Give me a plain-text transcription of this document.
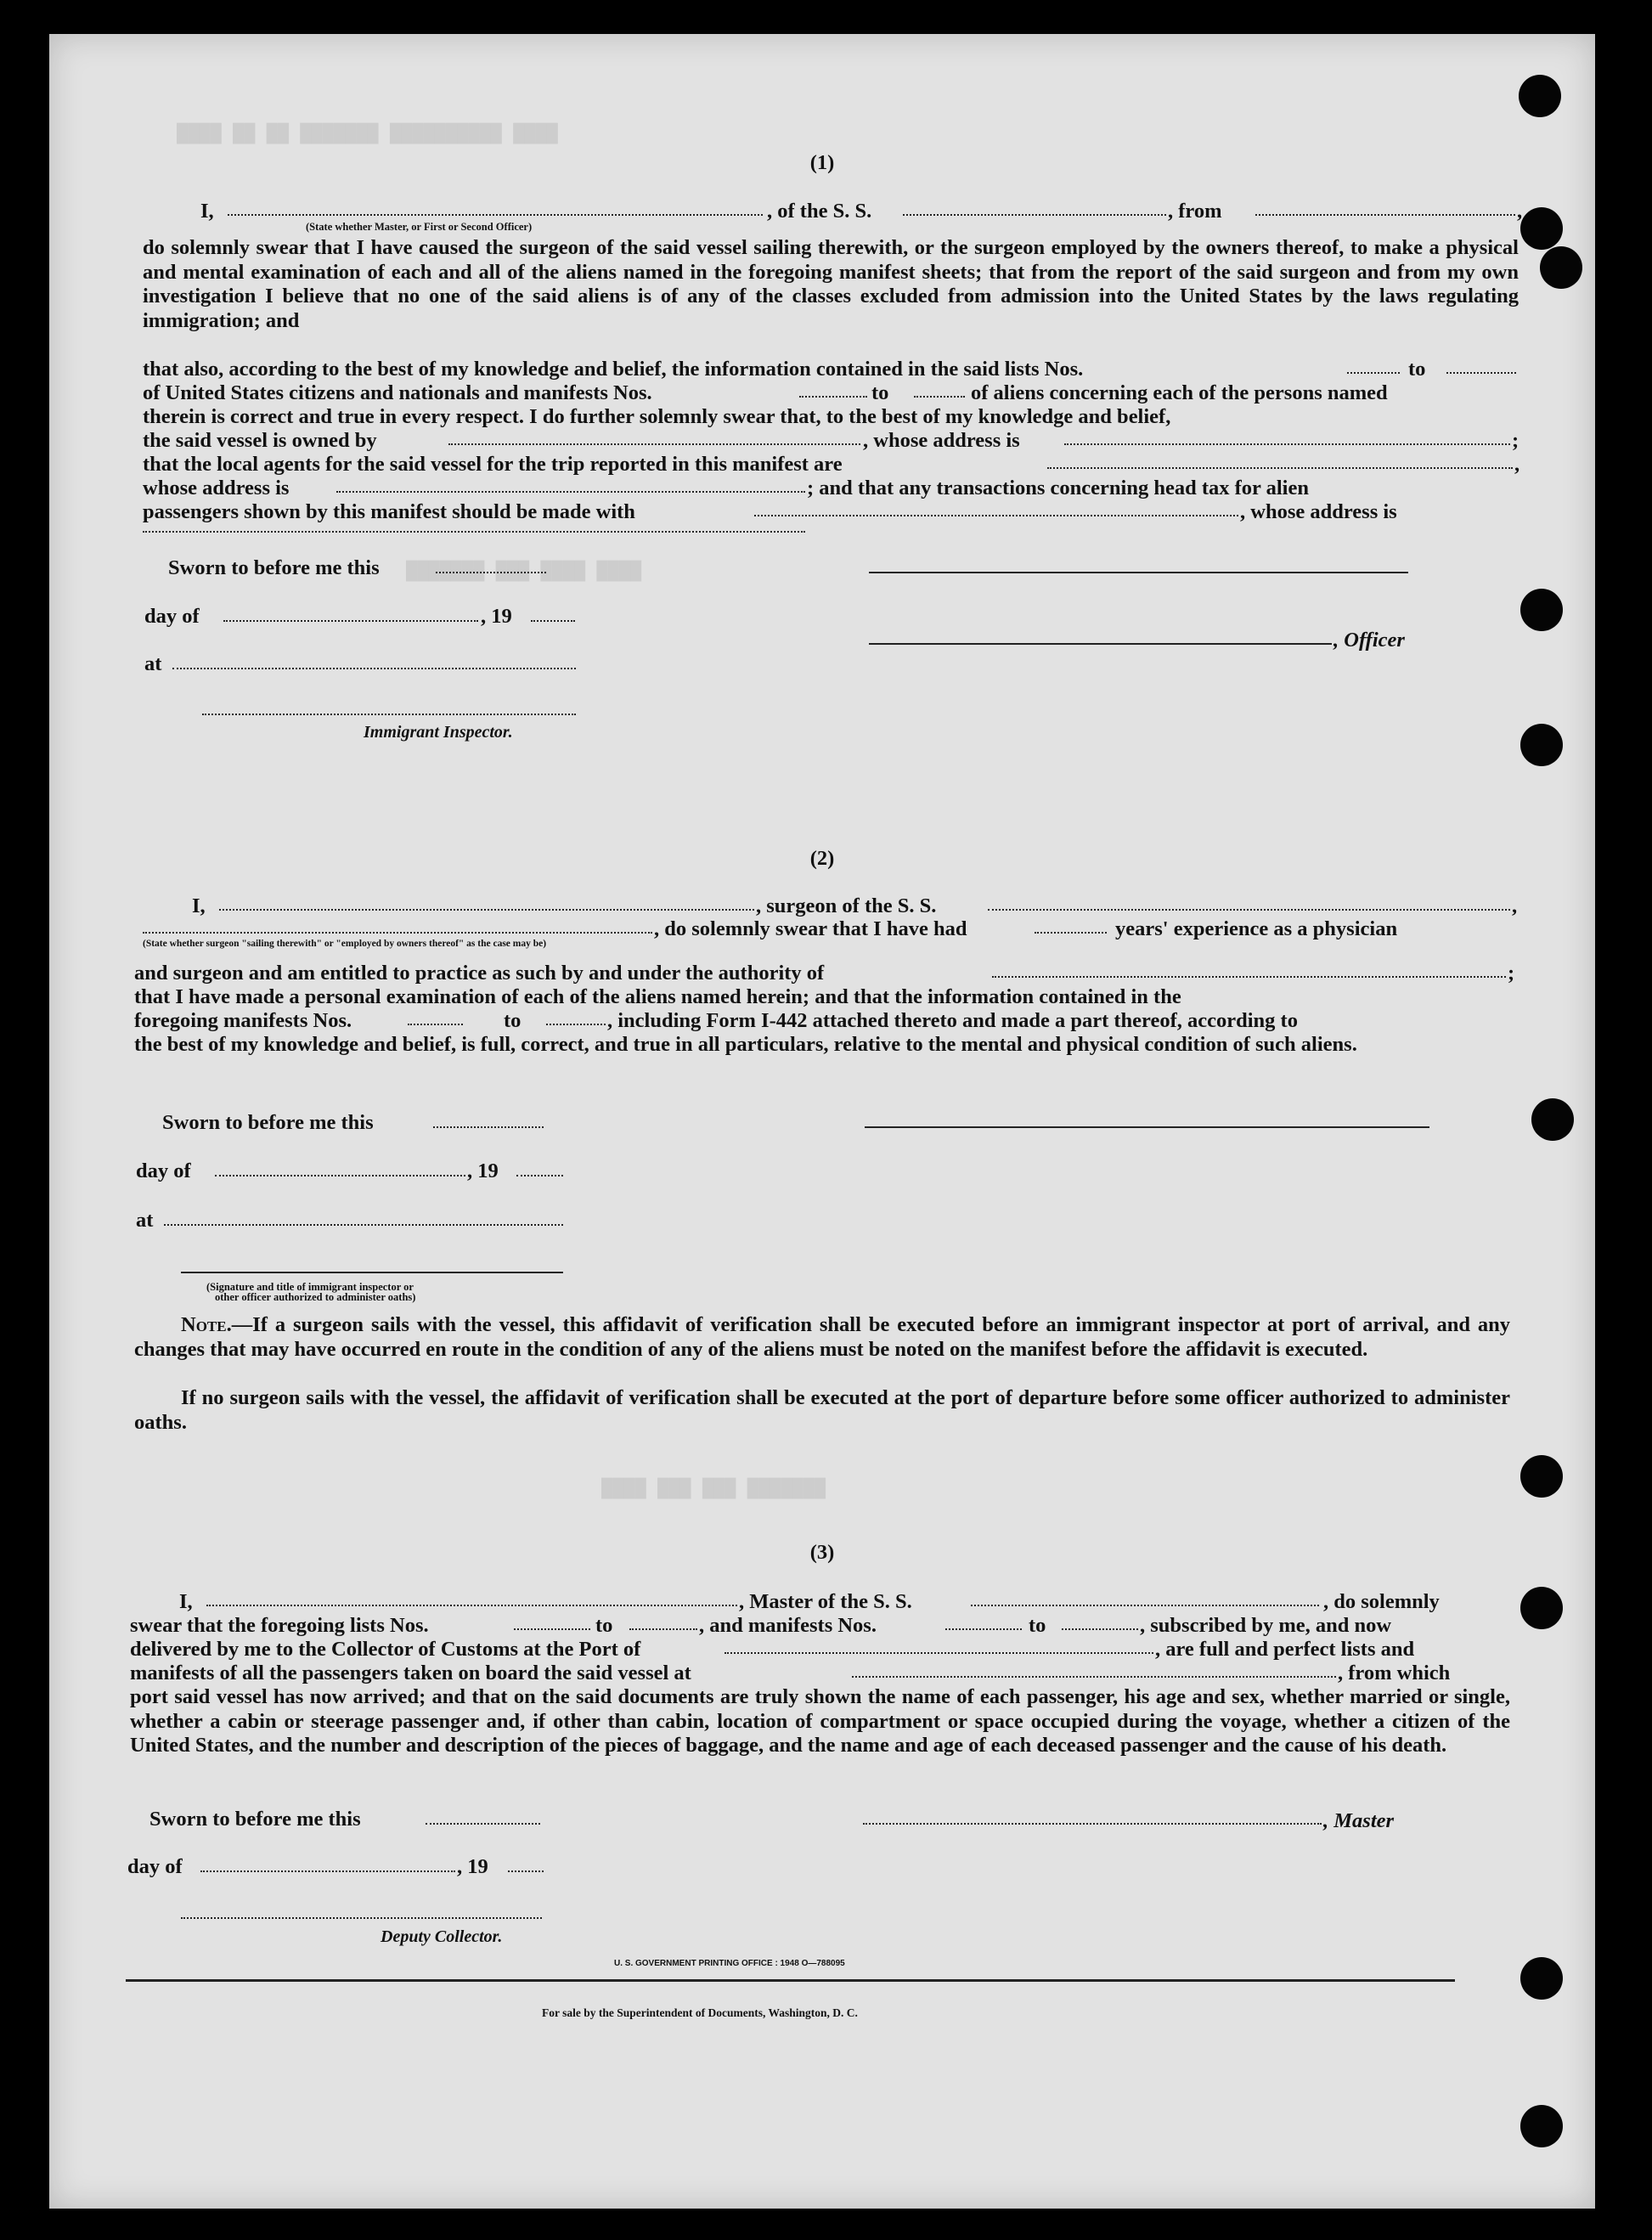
████ ██ ██ ███████ ██████████ ████
███████ ███ ████ ████
████ ███ ███ ███████
(1)
I,	, of the S. S.	, from	,
(State whether Master, or First or Second Officer)
do solemnly swear that I have caused the surgeon of the said vessel sailing therewith, or the surgeon employed by the owners thereof, to make a physical and mental examination of each and all of the aliens named in the foregoing manifest sheets; that from the report of the said surgeon and from my own investigation I believe that no one of the said aliens is of any of the classes excluded from admission into the United States by the laws regulating immigration; and
that also, according to the best of my knowledge and belief, the information contained in the said lists Nos.	to
of United States citizens and nationals and manifests Nos.	to	of aliens concerning each of the persons named
therein is correct and true in every respect. I do further solemnly swear that, to the best of my knowledge and belief,
the said vessel is owned by	, whose address is	;
that the local agents for the said vessel for the trip reported in this manifest are	,
whose address is	; and that any transactions concerning head tax for alien
passengers shown by this manifest should be made with	, whose address is
Sworn to before me this
day of	, 19
, Officer
at
Immigrant Inspector.
(2)
I,	, surgeon of the S. S.	,
, do solemnly swear that I have had	years' experience as a physician
(State whether surgeon "sailing therewith" or "employed by owners thereof" as the case may be)
and surgeon and am entitled to practice as such by and under the authority of	;
that I have made a personal examination of each of the aliens named herein; and that the information contained in the
foregoing manifests Nos.	to	, including Form I-442 attached thereto and made a part thereof, according to
the best of my knowledge and belief, is full, correct, and true in all particulars, relative to the mental and physical condition of such aliens.
Sworn to before me this
day of	, 19
at
(Signature and title of immigrant inspector or
other officer authorized to administer oaths)
Note.—If a surgeon sails with the vessel, this affidavit of verification shall be executed before an immigrant inspector at port of arrival, and any changes that may have occurred en route in the condition of any of the aliens must be noted on the manifest before the affidavit is executed.
If no surgeon sails with the vessel, the affidavit of verification shall be executed at the port of departure before some officer authorized to administer oaths.
(3)
I,	, Master of the S. S.	, do solemnly
swear that the foregoing lists Nos.	to	, and manifests Nos.	to	, subscribed by me, and now
delivered by me to the Collector of Customs at the Port of	, are full and perfect lists and
manifests of all the passengers taken on board the said vessel at	, from which
port said vessel has now arrived; and that on the said documents are truly shown the name of each passenger, his age and sex, whether married or single, whether a cabin or steerage passenger and, if other than cabin, location of compartment or space occupied during the voyage, whether a citizen of the United States, and the number and description of the pieces of baggage, and the name and age of each deceased passenger and the cause of his death.
Sworn to before me this	, Master
day of	, 19
Deputy Collector.
U. S. GOVERNMENT PRINTING OFFICE : 1948 O—788095
For sale by the Superintendent of Documents, Washington, D. C.
